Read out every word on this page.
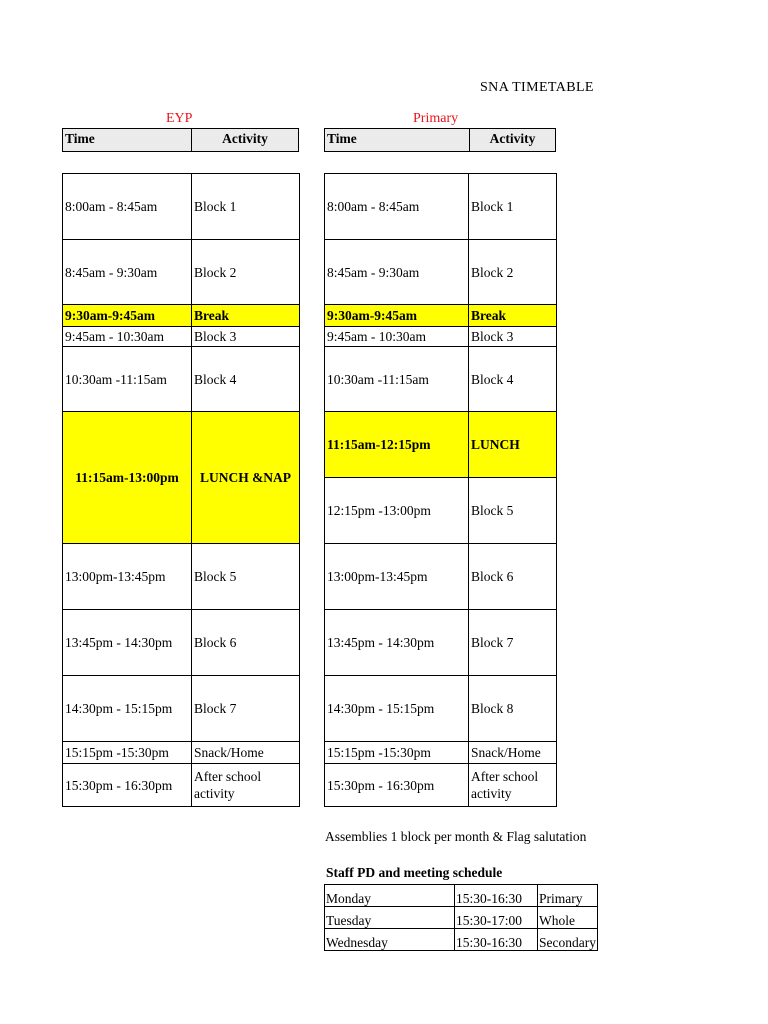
SNA TIMETABLE
EYP
Time	Activity
8:00am - 8:45am	Block 1
8:45am - 9:30am	Block 2
9:30am-9:45am	Break
9:45am - 10:30am	Block 3
10:30am -11:15am	Block 4
11:15am-13:00pm	LUNCH &NAP
13:00pm-13:45pm	Block 5
13:45pm - 14:30pm	Block 6
14:30pm - 15:15pm	Block 7
15:15pm -15:30pm	Snack/Home
15:30pm - 16:30pm	After school activity
Primary
Time	Activity
8:00am - 8:45am	Block 1
8:45am - 9:30am	Block 2
9:30am-9:45am	Break
9:45am - 10:30am	Block 3
10:30am -11:15am	Block 4
11:15am-12:15pm	LUNCH
12:15pm -13:00pm	Block 5
13:00pm-13:45pm	Block 6
13:45pm - 14:30pm	Block 7
14:30pm - 15:15pm	Block 8
15:15pm -15:30pm	Snack/Home
15:30pm - 16:30pm	After school activity
Assemblies 1 block per month & Flag salutation
Staff PD and meeting schedule
Monday	15:30-16:30	Primary
Tuesday	15:30-17:00	Whole
Wednesday	15:30-16:30	Secondary
